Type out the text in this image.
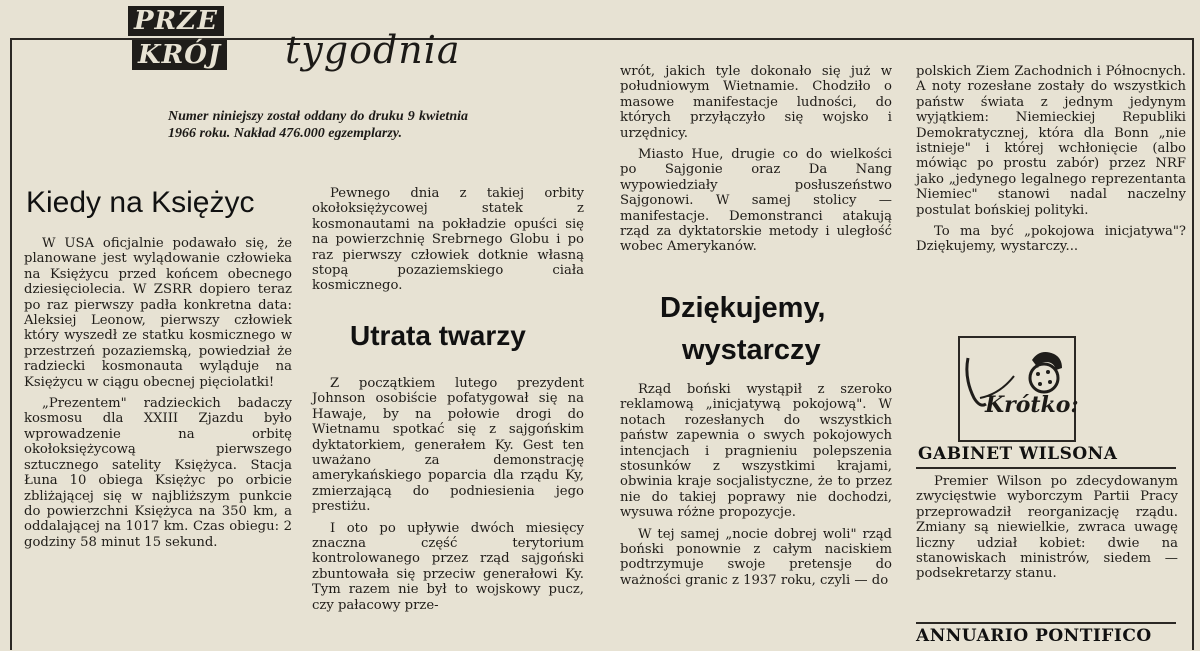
PRZE
KRÓJ tygodnia
Numer niniejszy został oddany do druku 9 kwietnia 1966 roku. Nakład 476.000 egzemplarzy.
Kiedy na Księżyc

W USA oficjalnie podawało się, że planowane jest wylądowanie człowieka na Księżycu przed końcem obecnego dziesięciolecia. W ZSRR dopiero teraz po raz pierwszy padła konkretna data: Aleksiej Leonow, pierwszy człowiek który wyszedł ze statku kosmicznego w przestrzeń pozaziemską, powiedział że radziecki kosmonauta wyląduje na Księżycu w ciągu obecnej pięciolatki!

„Prezentem" radzieckich badaczy kosmosu dla XXIII Zjazdu było wprowadzenie na orbitę okołoksiężycową pierwszego sztucznego satelity Księżyca. Stacja Łuna 10 obiega Księżyc po orbicie zbliżającej się w najbliższym punkcie do powierzchni Księżyca na 350 km, a oddalającej na 1017 km. Czas obiegu: 2 godziny 58 minut 15 sekund.

Pewnego dnia z takiej orbity okołoksiężycowej statek z kosmonautami na pokładzie opuści się na powierzchnię Srebrnego Globu i po raz pierwszy człowiek dotknie własną stopą pozaziemskiego ciała kosmicznego.

Utrata twarzy

Z początkiem lutego prezydent Johnson osobiście pofatygował się na Hawaje, by na połowie drogi do Wietnamu spotkać się z sajgońskim dyktatorkiem, generałem Ky. Gest ten uważano za demonstrację amerykańskiego poparcia dla rządu Ky, zmierzającą do podniesienia jego prestiżu.

I oto po upływie dwóch miesięcy znaczna część terytorium kontrolowanego przez rząd sajgoński zbuntowała się przeciw generałowi Ky. Tym razem nie był to wojskowy pucz, czy pałacowy prze-

wrót, jakich tyle dokonało się już w południowym Wietnamie. Chodziło o masowe manifestacje ludności, do których przyłączyło się wojsko i urzędnicy.

Miasto Hue, drugie co do wielkości po Sajgonie oraz Da Nang wypowiedziały posłuszeństwo Sajgonowi. W samej stolicy — manifestacje. Demonstranci atakują rząd za dyktatorskie metody i uległość wobec Amerykanów.

Dziękujemy,
wystarczy

Rząd boński wystąpił z szeroko reklamową „inicjatywą pokojową". W notach rozesłanych do wszystkich państw zapewnia o swych pokojowych intencjach i pragnieniu polepszenia stosunków z wszystkimi krajami, obwinia kraje socjalistyczne, że to przez nie do takiej poprawy nie dochodzi, wysuwa różne propozycje.

W tej samej „nocie dobrej woli" rząd boński ponownie z całym naciskiem podtrzymuje swoje pretensje do ważności granic z 1937 roku, czyli — do

polskich Ziem Zachodnich i Północnych. A noty rozesłane zostały do wszystkich państw świata z jednym jedynym wyjątkiem: Niemieckiej Republiki Demokratycznej, która dla Bonn „nie istnieje" i której wchłonięcie (albo mówiąc po prostu zabór) przez NRF jako „jedynego legalnego reprezentanta Niemiec" stanowi nadal naczelny postulat bońskiej polityki.

To ma być „pokojowa inicjatywa"? Dziękujemy, wystarczy...

Krótko:
GABINET WILSONA

Premier Wilson po zdecydowanym zwycięstwie wyborczym Partii Pracy przeprowadził reorganizację rządu. Zmiany są niewielkie, zwraca uwagę liczny udział kobiet: dwie na stanowiskach ministrów, siedem — podsekretarzy stanu.

ANNUARIO PONTIFICO
